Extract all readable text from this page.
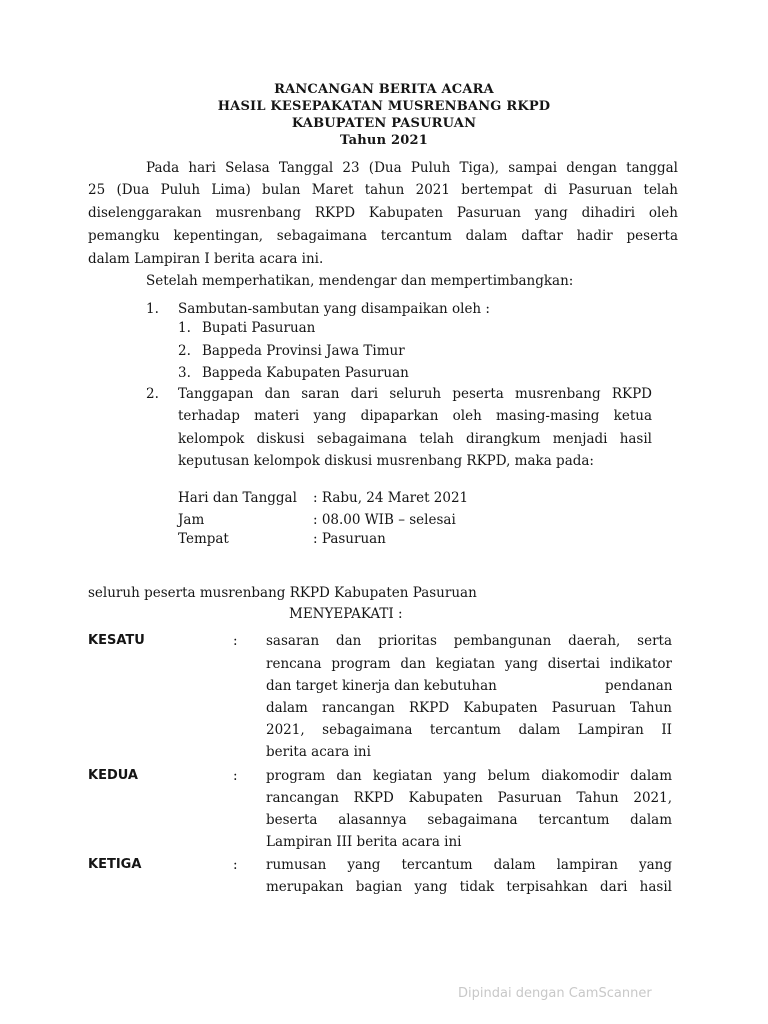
RANCANGAN BERITA ACARA
HASIL KESEPAKATAN MUSRENBANG RKPD
KABUPATEN PASURUAN
Tahun 2021
Pada hari Selasa Tanggal 23 (Dua Puluh Tiga), sampai dengan tanggal
25 (Dua Puluh Lima) bulan Maret tahun 2021 bertempat di Pasuruan telah
diselenggarakan musrenbang RKPD Kabupaten Pasuruan yang dihadiri oleh
pemangku kepentingan, sebagaimana tercantum dalam daftar hadir peserta
dalam Lampiran I berita acara ini.
Setelah memperhatikan, mendengar dan mempertimbangkan:
1. Sambutan-sambutan yang disampaikan oleh :
1. Bupati Pasuruan
2. Bappeda Provinsi Jawa Timur
3. Bappeda Kabupaten Pasuruan
2. Tanggapan dan saran dari seluruh peserta musrenbang RKPD
terhadap materi yang dipaparkan oleh masing-masing ketua
kelompok diskusi sebagaimana telah dirangkum menjadi hasil
keputusan kelompok diskusi musrenbang RKPD, maka pada:
Hari dan Tanggal : Rabu, 24 Maret 2021
Jam	: 08.00 WIB – selesai
Tempat	: Pasuruan
seluruh peserta musrenbang RKPD Kabupaten Pasuruan
MENYEPAKATI :
KESATU	: sasaran dan prioritas pembangunan daerah, serta
rencana program dan kegiatan yang disertai indikator
dan target kinerja dan kebutuhan	pendanan
dalam rancangan RKPD Kabupaten Pasuruan Tahun
2021, sebagaimana tercantum dalam Lampiran II
berita acara ini
KEDUA	: program dan kegiatan yang belum diakomodir dalam
rancangan RKPD Kabupaten Pasuruan Tahun 2021,
beserta alasannya sebagaimana tercantum dalam
Lampiran III berita acara ini
KETIGA	: rumusan yang tercantum dalam lampiran yang
merupakan bagian yang tidak terpisahkan dari hasil
Dipindai dengan CamScanner
